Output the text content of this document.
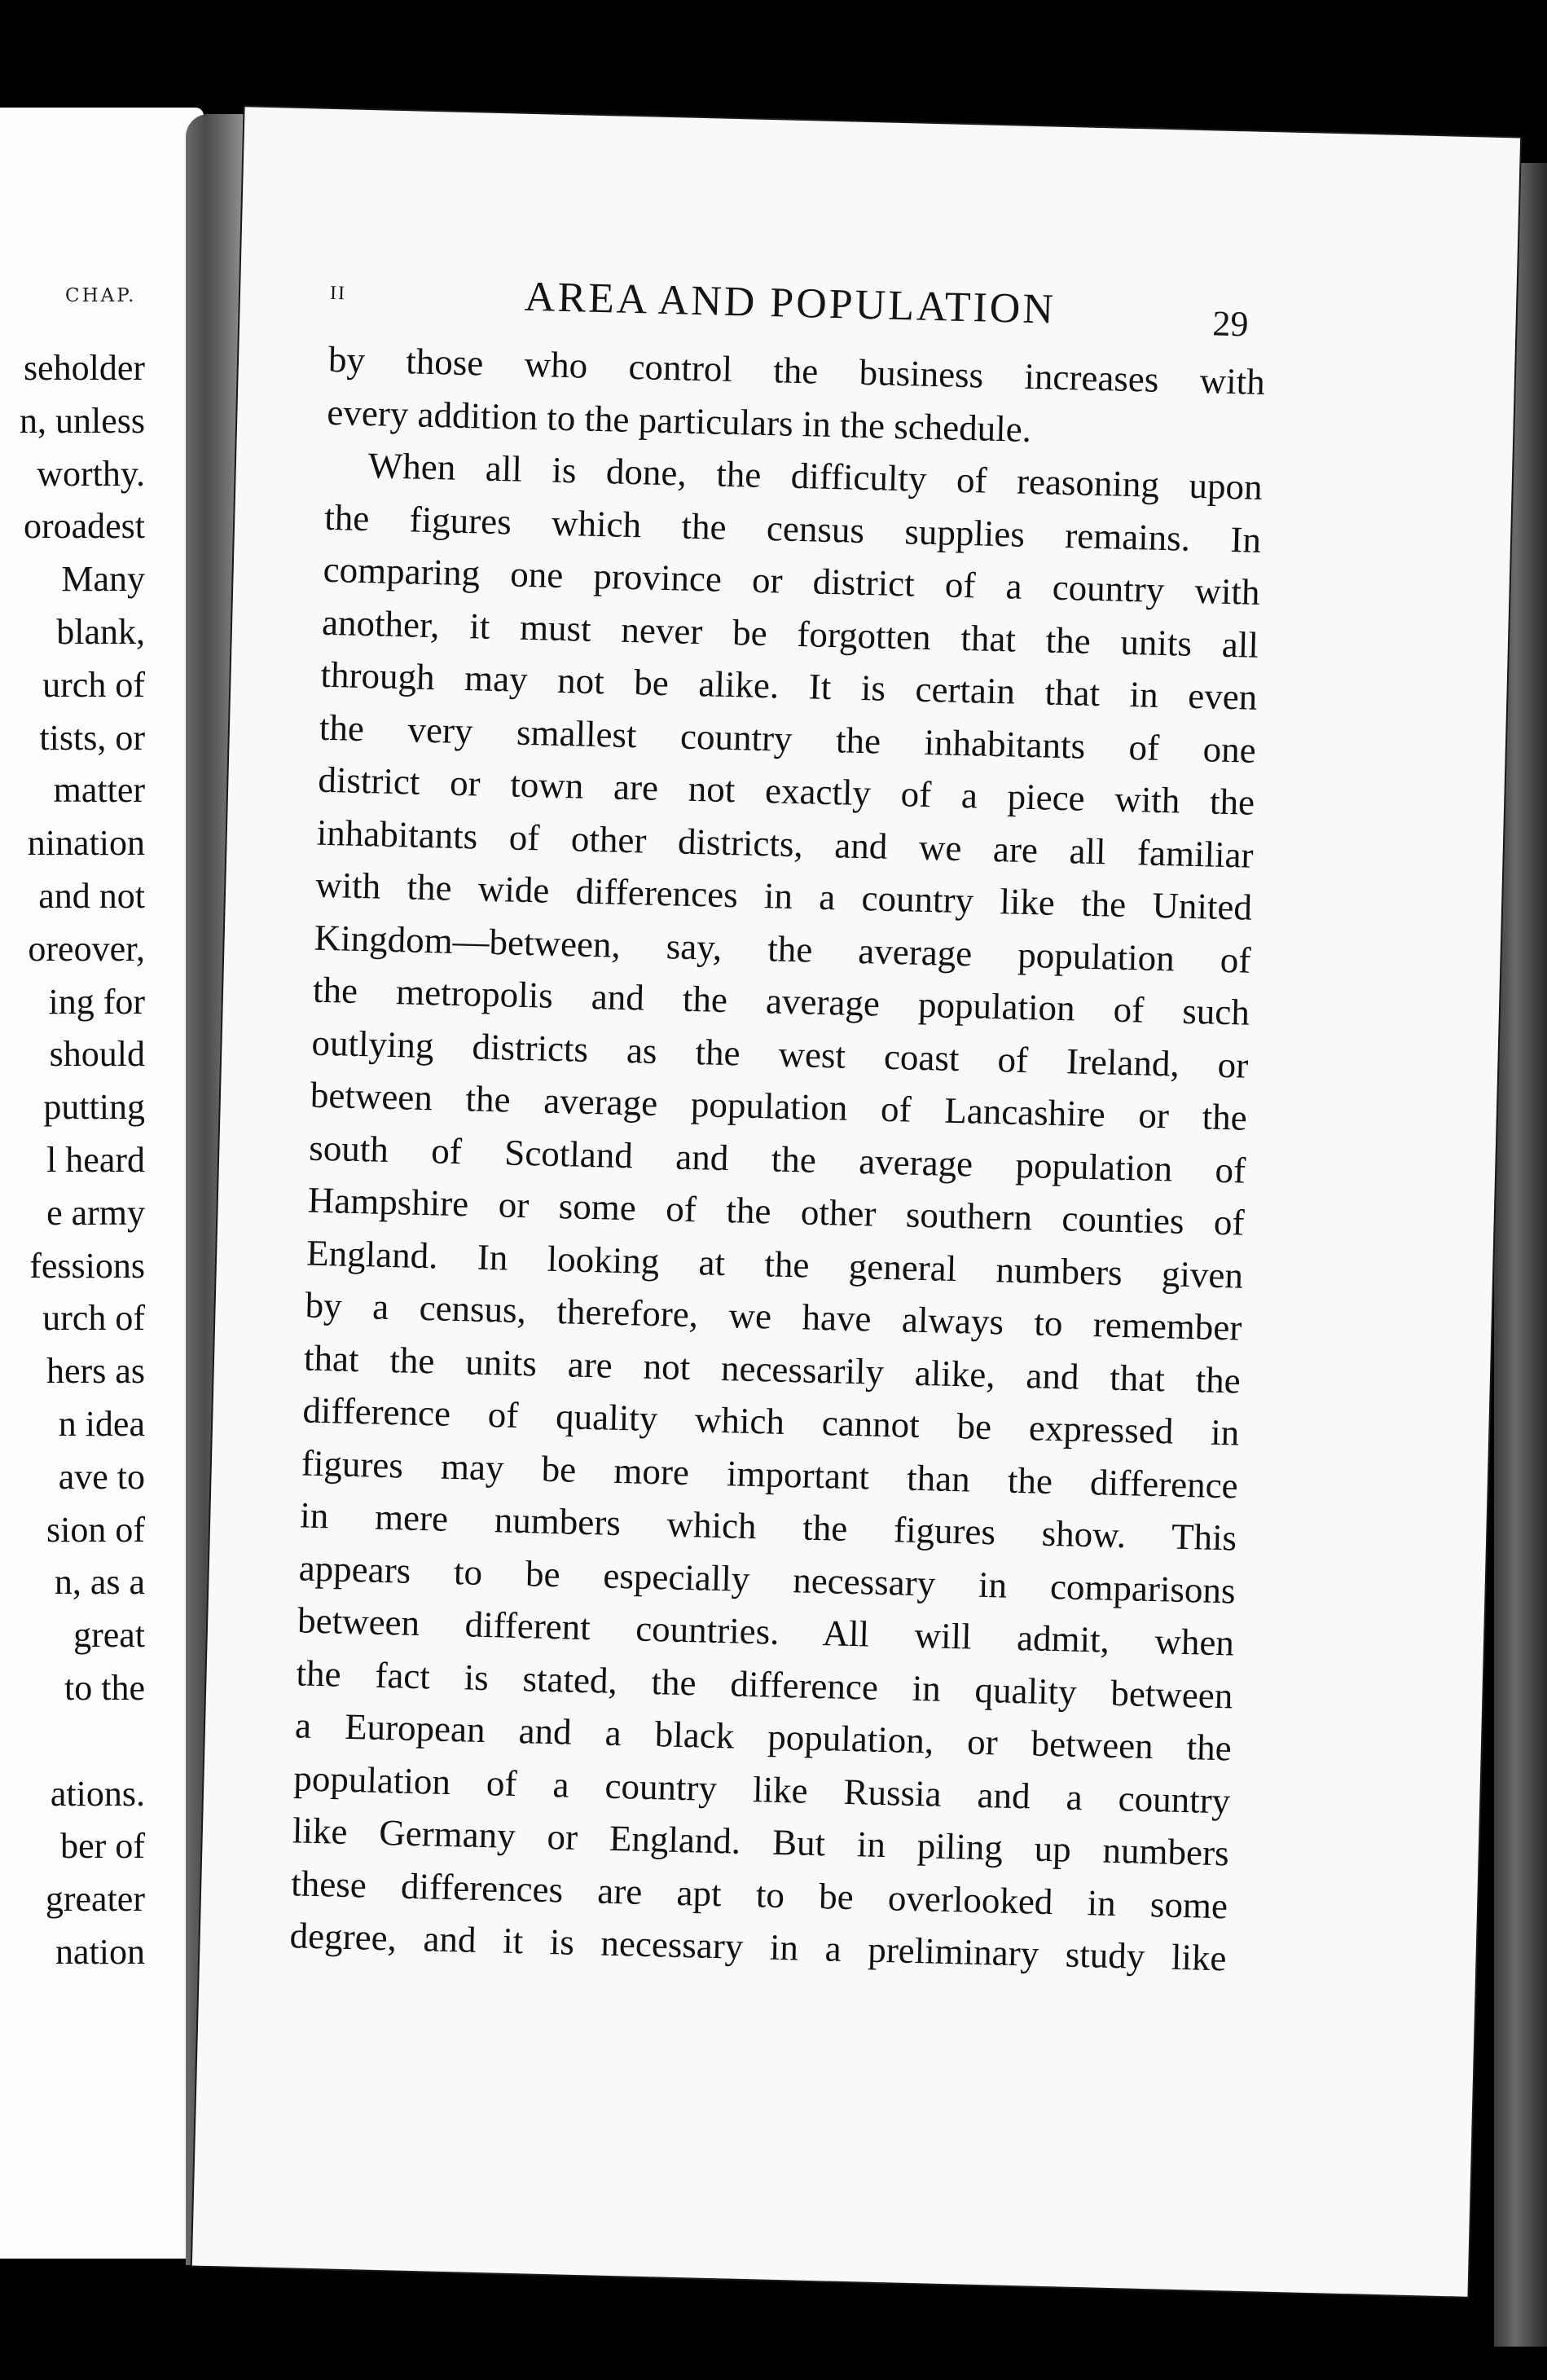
CHAP.
seholder
n, unless
worthy.
oroadest
Many
blank,
urch of
tists, or
matter
nination
and not
oreover,
ing for
should
putting
l heard
e army
fessions
urch of
hers as
n idea
ave to
sion of
n, as a
great
to the

ations.
ber of
greater
nation
II	AREA AND POPULATION	29
by those who control the business increases with
every addition to the particulars in the schedule.
When all is done, the difficulty of reasoning upon
the figures which the census supplies remains. In
comparing one province or district of a country with
another, it must never be forgotten that the units all
through may not be alike. It is certain that in even
the very smallest country the inhabitants of one
district or town are not exactly of a piece with the
inhabitants of other districts, and we are all familiar
with the wide differences in a country like the United
Kingdom—between, say, the average population of
the metropolis and the average population of such
outlying districts as the west coast of Ireland, or
between the average population of Lancashire or the
south of Scotland and the average population of
Hampshire or some of the other southern counties of
England. In looking at the general numbers given
by a census, therefore, we have always to remember
that the units are not necessarily alike, and that the
difference of quality which cannot be expressed in
figures may be more important than the difference
in mere numbers which the figures show. This
appears to be especially necessary in comparisons
between different countries. All will admit, when
the fact is stated, the difference in quality between
a European and a black population, or between the
population of a country like Russia and a country
like Germany or England. But in piling up numbers
these differences are apt to be overlooked in some
degree, and it is necessary in a preliminary study like
